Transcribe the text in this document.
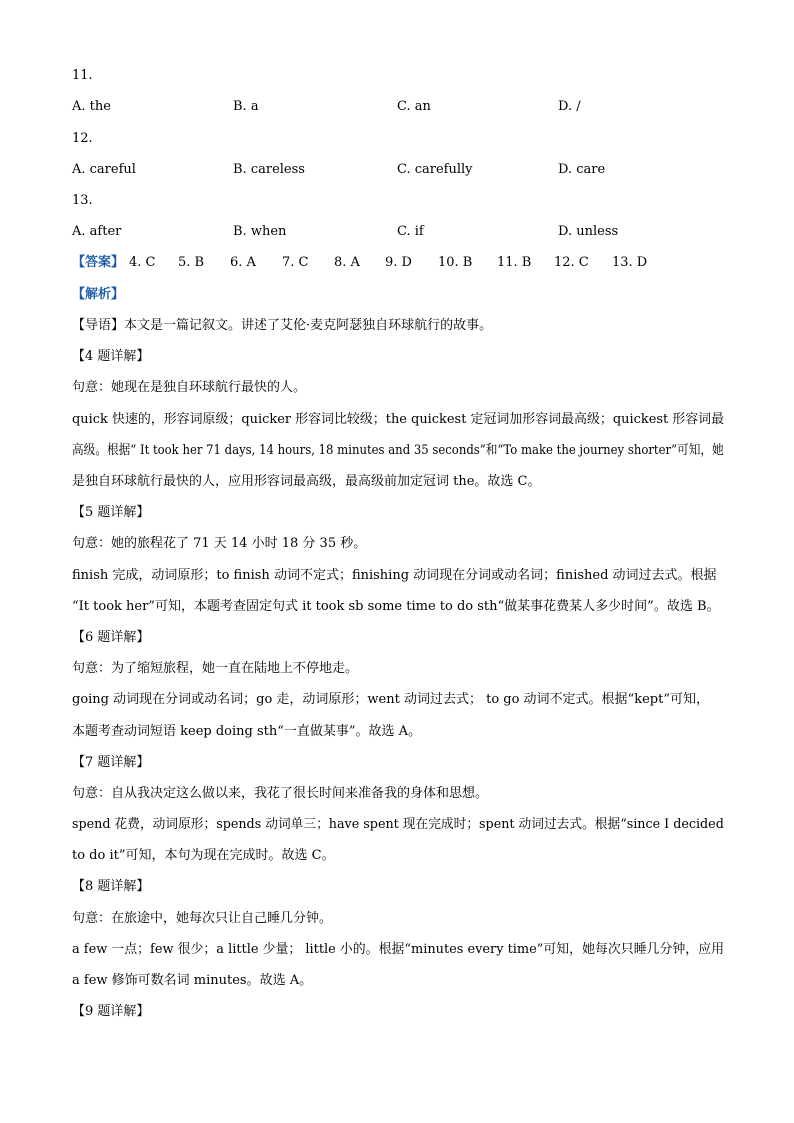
11.
A. the	B. a	C. an	D. /
12.
A. careful	B. careless	C. carefully	D. care
13.
A. after	B. when	C. if	D. unless
【答案】 4. C 5. B 6. A 7. C 8. A 9. D 10. B 11. B 12. C 13. D
【解析】
【导语】本文是一篇记叙文。讲述了艾伦·麦克阿瑟独自环球航行的故事。
【4 题详解】
句意：她现在是独自环球航行最快的人。
quick 快速的，形容词原级；quicker 形容词比较级；the quickest 定冠词加形容词最高级；quickest 形容词最
高级。根据“ It took her 71 days, 14 hours, 18 minutes and 35 seconds”和“To make the journey shorter”可知，她
是独自环球航行最快的人，应用形容词最高级，最高级前加定冠词 the。故选 C。
【5 题详解】
句意：她的旅程花了 71 天 14 小时 18 分 35 秒。
finish 完成，动词原形；to finish 动词不定式；finishing 动词现在分词或动名词；finished 动词过去式。根据
“It took her”可知，本题考查固定句式 it took sb some time to do sth“做某事花费某人多少时间”。故选 B。
【6 题详解】
句意：为了缩短旅程，她一直在陆地上不停地走。
going 动词现在分词或动名词；go 走，动词原形；went 动词过去式； to go 动词不定式。根据“kept”可知，
本题考查动词短语 keep doing sth“一直做某事”。故选 A。
【7 题详解】
句意：自从我决定这么做以来，我花了很长时间来准备我的身体和思想。
spend 花费，动词原形；spends 动词单三；have spent 现在完成时；spent 动词过去式。根据“since I decided
to do it”可知，本句为现在完成时。故选 C。
【8 题详解】
句意：在旅途中，她每次只让自己睡几分钟。
a few 一点；few 很少；a little 少量； little 小的。根据“minutes every time”可知，她每次只睡几分钟，应用
a few 修饰可数名词 minutes。故选 A。
【9 题详解】
